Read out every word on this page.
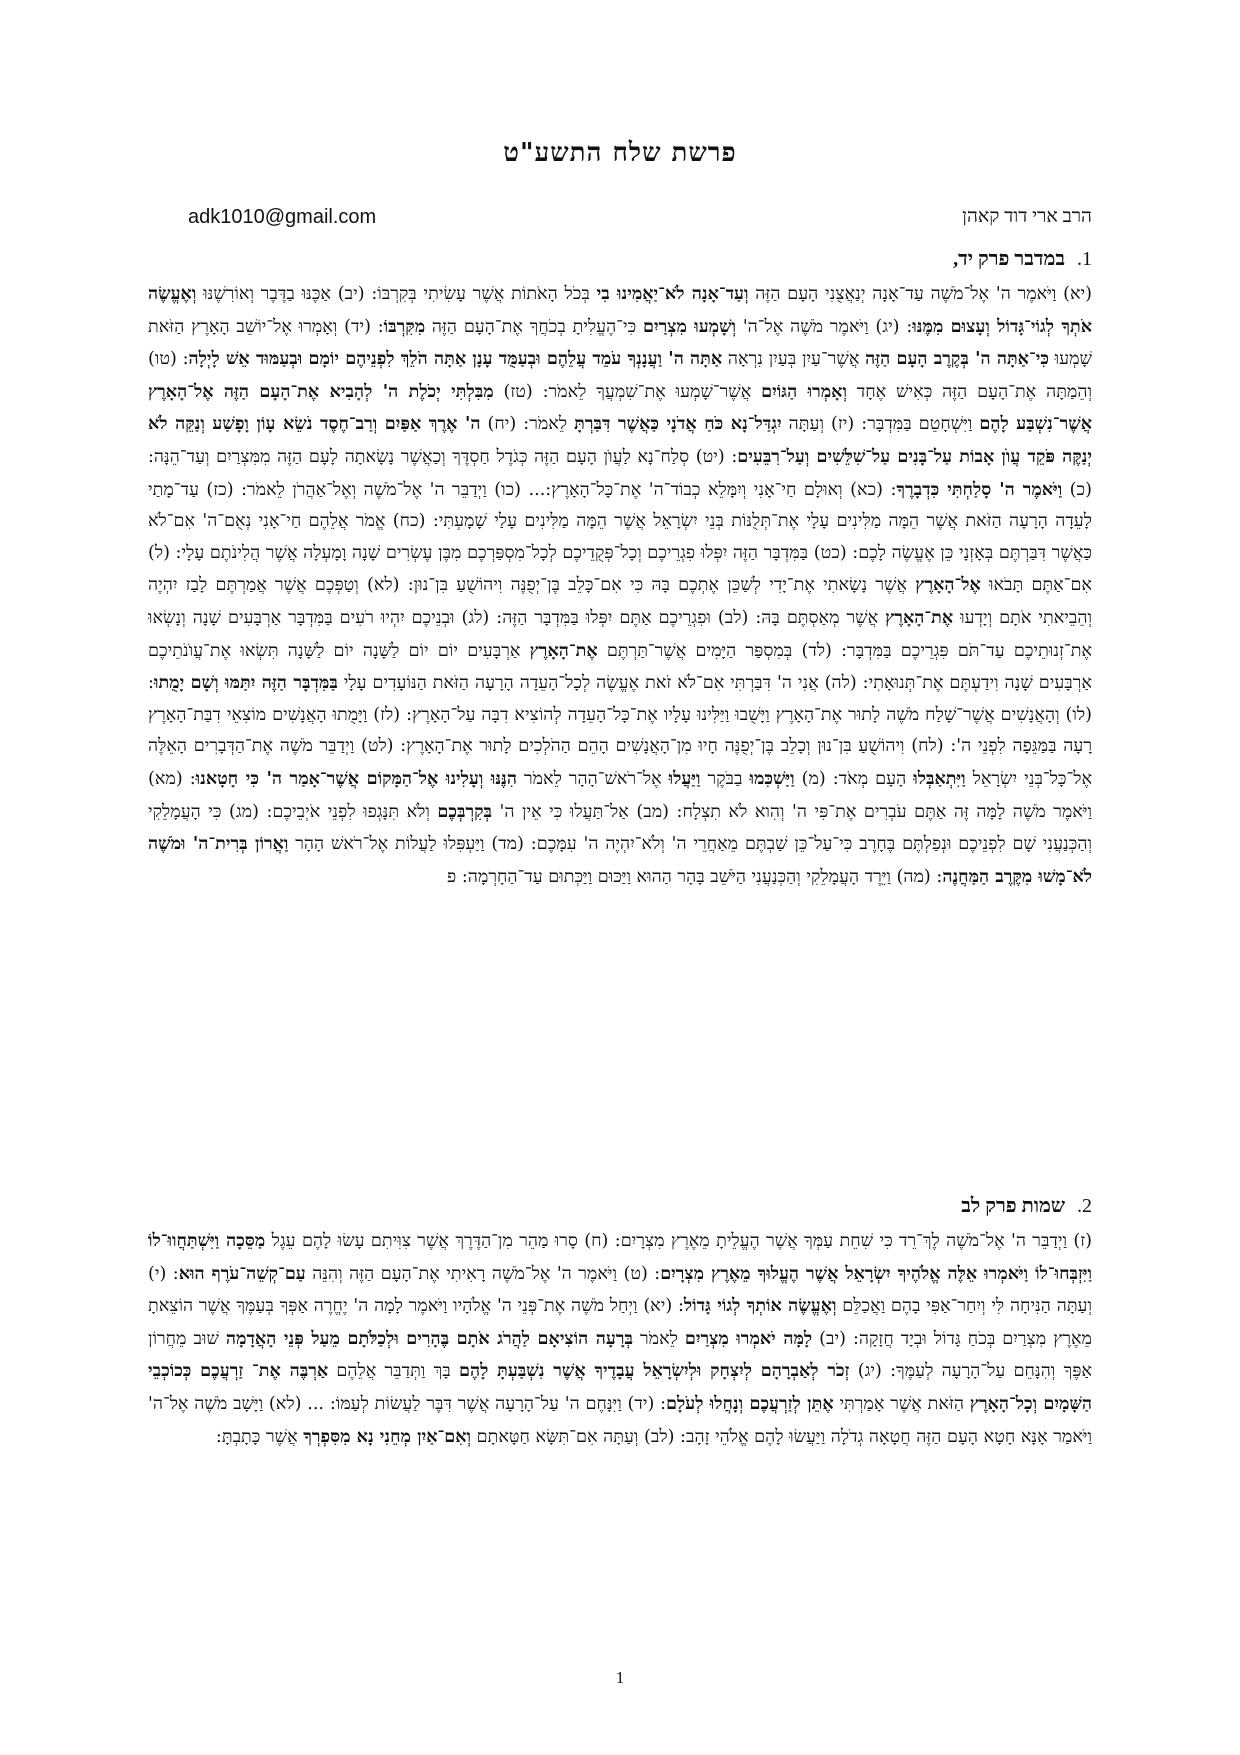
פרשת שלח התשע"ט
הרב ארי דוד קאהן
adk1010@gmail.com
1.במדבר פרק יד,
(יא) וַיֹּאמֶר ה' אֶל־מֹשֶׁה עַד־אָנָה יְנַאֲצֻנִי הָעָם הַזֶּה וְעַד־אָנָה לֹא־יַאֲמִינוּ בִי בְּכֹל הָאֹתוֹת אֲשֶׁר עָשִׂיתִי בְּקִרְבּוֹ: (יב) אַכֶּנּוּ בַדֶּבֶר וְאוֹרִשֶׁנּוּ וְאֶעֱשֶׂה אֹתְךָ לְגוֹי־גָּדוֹל וְעָצוּם מִמֶּנּוּ: (יג) וַיֹּאמֶר מֹשֶׁה אֶל־ה' וְשָׁמְעוּ מִצְרַיִם כִּי־הֶעֱלִיתָ בְכֹחֲךָ אֶת־הָעָם הַזֶּה מִקִּרְבּוֹ: (יד) וְאָמְרוּ אֶל־יוֹשֵׁב הָאָרֶץ הַזֹּאת שָׁמְעוּ כִּי־אַתָּה ה' בְּקֶרֶב הָעָם הַזֶּה אֲשֶׁר־עַיִן בְּעַיִן נִרְאָה אַתָּה ה' וַעֲנָנְךָ עֹמֵד עֲלֵהֶם וּבְעַמֻּד עָנָן אַתָּה הֹלֵךְ לִפְנֵיהֶם יוֹמָם וּבְעַמּוּד אֵשׁ לָיְלָה: (טו) וְהֵמַתָּה אֶת־הָעָם הַזֶּה כְּאִישׁ אֶחָד וְאָמְרוּ הַגּוֹיִם אֲשֶׁר־שָׁמְעוּ אֶת־שִׁמְעֲךָ לֵאמֹר: (טז) מִבִּלְתִּי יְכֹלֶת ה' לְהָבִיא אֶת־הָעָם הַזֶּה אֶל־הָאָרֶץ אֲשֶׁר־נִשְׁבַּע לָהֶם וַיִּשְׁחָטֵם בַּמִּדְבָּר: (יז) וְעַתָּה יִגְדַּל־נָא כֹּחַ אֲדֹנָי כַּאֲשֶׁר דִּבַּרְתָּ לֵאמֹר: (יח) ה' אֶרֶךְ אַפַּיִם וְרַב־חֶסֶד נֹשֵׂא עָוֹן וָפָשַׁע וְנַקֵּה לֹא יְנַקֶּה פֹּקֵד עֲוֺן אָבוֹת עַל־בָּנִים עַל־שִׁלֵּשִׁים וְעַל־רִבֵּעִים: (יט) סְלַח־נָא לַעֲוֺן הָעָם הַזֶּה כְּגֹדֶל חַסְדֶּךָ וְכַאֲשֶׁר נָשָׂאתָה לָעָם הַזֶּה מִמִּצְרַיִם וְעַד־הֵנָּה: (כ) וַיֹּאמֶר ה' סָלַחְתִּי כִּדְבָרֶךָ: (כא) וְאוּלָם חַי־אָנִי וְיִמָּלֵא כְבוֹד־ה' אֶת־כָּל־הָאָרֶץ:... (כו) וַיְדַבֵּר ה' אֶל־מֹשֶׁה וְאֶל־אַהֲרֹן לֵאמֹר: (כז) עַד־מָתַי לָעֵדָה הָרָעָה הַזֹּאת אֲשֶׁר הֵמָּה מַלִּינִים עָלָי אֶת־תְּלֻנּוֹת בְּנֵי יִשְׂרָאֵל אֲשֶׁר הֵמָּה מַלִּינִים עָלַי שָׁמָעְתִּי: (כח) אֱמֹר אֲלֵהֶם חַי־אָנִי נְאֻם־ה' אִם־לֹא כַּאֲשֶׁר דִּבַּרְתֶּם בְּאָזְנָי כֵּן אֶעֱשֶׂה לָכֶם: (כט) בַּמִּדְבָּר הַזֶּה יִפְּלוּ פִגְרֵיכֶם וְכָל־פְּקֻדֵיכֶם לְכָל־מִסְפַּרְכֶם מִבֶּן עֶשְׂרִים שָׁנָה וָמָעְלָה אֲשֶׁר הֲלִינֹתֶם עָלָי: (ל) אִם־אַתֶּם תָּבֹאוּ אֶל־הָאָרֶץ אֲשֶׁר נָשָׂאתִי אֶת־יָדִי לְשַׁכֵּן אֶתְכֶם בָּהּ כִּי אִם־כָּלֵב בֶּן־יְפֻנֶּה וִיהוֹשֻׁעַ בִּן־נוּן: (לא) וְטַפְּכֶם אֲשֶׁר אֲמַרְתֶּם לָבַז יִהְיֶה וְהֵבֵיאתִי אֹתָם וְיָדְעוּ אֶת־הָאָרֶץ אֲשֶׁר מְאַסְתֶּם בָּהּ: (לב) וּפִגְרֵיכֶם אַתֶּם יִפְּלוּ בַּמִּדְבָּר הַזֶּה: (לג) וּבְנֵיכֶם יִהְיוּ רֹעִים בַּמִּדְבָּר אַרְבָּעִים שָׁנָה וְנָשְׂאוּ אֶת־זְנוּתֵיכֶם עַד־תֹּם פִּגְרֵיכֶם בַּמִּדְבָּר: (לד) בְּמִסְפַּר הַיָּמִים אֲשֶׁר־תַּרְתֶּם אֶת־הָאָרֶץ אַרְבָּעִים יוֹם יוֹם לַשָּׁנָה יוֹם לַשָּׁנָה תִּשְׂאוּ אֶת־עֲוֺנֹתֵיכֶם אַרְבָּעִים שָׁנָה וִידַעְתֶּם אֶת־תְּנוּאָתִי: (לה) אֲנִי ה' דִּבַּרְתִּי אִם־לֹא זֹאת אֶעֱשֶׂה לְכָל־הָעֵדָה הָרָעָה הַזֹּאת הַנּוֹעָדִים עָלָי בַּמִּדְבָּר הַזֶּה יִתַּמּוּ וְשָׁם יָמֻתוּ: (לו) וְהָאֲנָשִׁים אֲשֶׁר־שָׁלַח מֹשֶׁה לָתוּר אֶת־הָאָרֶץ וַיָּשֻׁבוּ וַיַּלִּינוּ עָלָיו אֶת־כָּל־הָעֵדָה לְהוֹצִיא דִבָּה עַל־הָאָרֶץ: (לז) וַיָּמֻתוּ הָאֲנָשִׁים מוֹצִאֵי דִבַּת־הָאָרֶץ רָעָה בַּמַּגֵּפָה לִפְנֵי ה': (לח) וִיהוֹשֻׁעַ בִּן־נוּן וְכָלֵב בֶּן־יְפֻנֶּה חָיוּ מִן־הָאֲנָשִׁים הָהֵם הַהֹלְכִים לָתוּר אֶת־הָאָרֶץ: (לט) וַיְדַבֵּר מֹשֶׁה אֶת־הַדְּבָרִים הָאֵלֶּה אֶל־כָּל־בְּנֵי יִשְׂרָאֵל וַיִּתְאַבְּלוּ הָעָם מְאֹד: (מ) וַיַּשְׁכִּמוּ בַבֹּקֶר וַיַּעֲלוּ אֶל־רֹאשׁ־הָהָר לֵאמֹר הִנֶּנּוּ וְעָלִינוּ אֶל־הַמָּקוֹם אֲשֶׁר־אָמַר ה' כִּי חָטָאנוּ: (מא) וַיֹּאמֶר מֹשֶׁה לָמָּה זֶּה אַתֶּם עֹבְרִים אֶת־פִּי ה' וְהִוא לֹא תִצְלָח: (מב) אַל־תַּעֲלוּ כִּי אֵין ה' בְּקִרְבְּכֶם וְלֹא תִּנָּגְפוּ לִפְנֵי אֹיְבֵיכֶם: (מג) כִּי הָעֲמָלֵקִי וְהַכְּנַעֲנִי שָׁם לִפְנֵיכֶם וּנְפַלְתֶּם בֶּחָרֶב כִּי־עַל־כֵּן שַׁבְתֶּם מֵאַחֲרֵי ה' וְלֹא־יִהְיֶה ה' עִמָּכֶם: (מד) וַיַּעְפִּלוּ לַעֲלוֹת אֶל־רֹאשׁ הָהָר וַאֲרוֹן בְּרִית־ה' וּמֹשֶׁה לֹא־מָשׁוּ מִקֶּרֶב הַמַּחֲנֶה: (מה) וַיֵּרֶד הָעֲמָלֵקִי וְהַכְּנַעֲנִי הַיֹּשֵׁב בָּהָר הַהוּא וַיַּכּוּם וַיַּכְּתוּם עַד־הַחָרְמָה: פ
2.שמות פרק לב
(ז) וַיְדַבֵּר ה' אֶל־מֹשֶׁה לֶךְ־רֵד כִּי שִׁחֵת עַמְּךָ אֲשֶׁר הֶעֱלֵיתָ מֵאֶרֶץ מִצְרָיִם: (ח) סָרוּ מַהֵר מִן־הַדֶּרֶךְ אֲשֶׁר צִוִּיתִם עָשׂוּ לָהֶם עֵגֶל מַסֵּכָה וַיִּשְׁתַּחֲווּ־לוֹ וַיִּזְבְּחוּ־לוֹ וַיֹּאמְרוּ אֵלֶּה אֱלֹהֶיךָ יִשְׂרָאֵל אֲשֶׁר הֶעֱלוּךָ מֵאֶרֶץ מִצְרָיִם: (ט) וַיֹּאמֶר ה' אֶל־מֹשֶׁה רָאִיתִי אֶת־הָעָם הַזֶּה וְהִנֵּה עַם־קְשֵׁה־עֹרֶף הוּא: (י) וְעַתָּה הַנִּיחָה לִּי וְיִחַר־אַפִּי בָהֶם וַאֲכַלֵּם וְאֶעֱשֶׂה אוֹתְךָ לְגוֹי גָּדוֹל: (יא) וַיְחַל מֹשֶׁה אֶת־פְּנֵי ה' אֱלֹהָיו וַיֹּאמֶר לָמָה ה' יֶחֱרֶה אַפְּךָ בְּעַמֶּךָ אֲשֶׁר הוֹצֵאתָ מֵאֶרֶץ מִצְרַיִם בְּכֹחַ גָּדוֹל וּבְיָד חֲזָקָה: (יב) לָמָּה יֹאמְרוּ מִצְרַיִם לֵאמֹר בְּרָעָה הוֹצִיאָם לַהֲרֹג אֹתָם בֶּהָרִים וּלְכַלֹּתָם מֵעַל פְּנֵי הָאֲדָמָה שׁוּב מֵחֲרוֹן אַפֶּךָ וְהִנָּחֵם עַל־הָרָעָה לְעַמֶּךָ: (יג) זְכֹר לְאַבְרָהָם לְיִצְחָק וּלְיִשְׂרָאֵל עֲבָדֶיךָ אֲשֶׁר נִשְׁבַּעְתָּ לָהֶם בָּךְ וַתְּדַבֵּר אֲלֵהֶם אַרְבֶּה אֶת־ זַרְעֲכֶם כְּכוֹכְבֵי הַשָּׁמָיִם וְכָל־הָאָרֶץ הַזֹּאת אֲשֶׁר אָמַרְתִּי אֶתֵּן לְזַרְעֲכֶם וְנָחֲלוּ לְעֹלָם: (יד) וַיִּנָּחֶם ה' עַל־הָרָעָה אֲשֶׁר דִּבֶּר לַעֲשׂוֹת לְעַמּוֹ: ... (לא) וַיָּשָׁב מֹשֶׁה אֶל־ה' וַיֹּאמַר אָנָּא חָטָא הָעָם הַזֶּה חֲטָאָה גְדֹלָה וַיַּעֲשׂוּ לָהֶם אֱלֹהֵי זָהָב: (לב) וְעַתָּה אִם־תִּשָּׂא חַטָּאתָם וְאִם־אַיִן מְחֵנִי נָא מִסִּפְרְךָ אֲשֶׁר כָּתָבְתָּ:
1
